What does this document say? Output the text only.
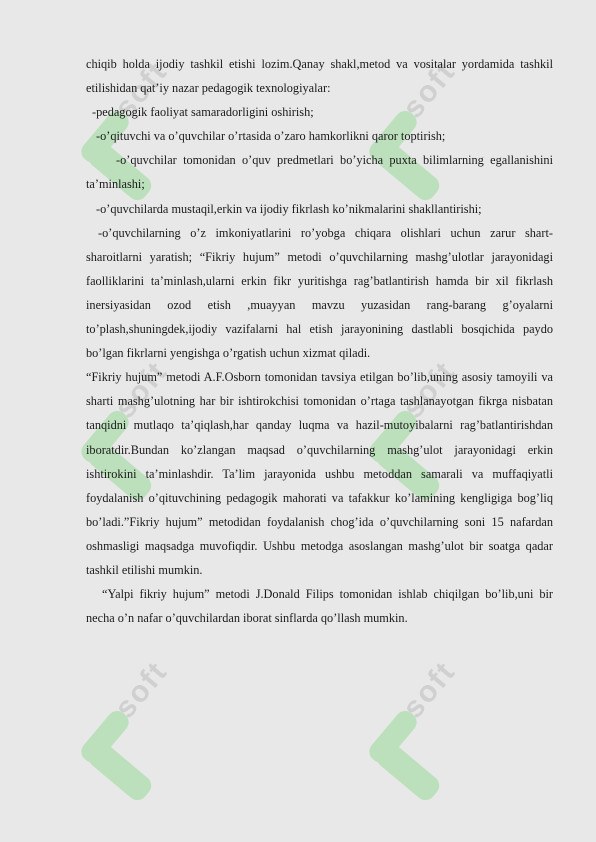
soft	soft
soft	soft
soft	soft

chiqib holda ijodiy tashkil etishi lozim.Qanay shakl,metod va vositalar yordamida tashkil etilishidan qat’iy nazar pedagogik texnologiyalar:

-pedagogik faoliyat samaradorligini oshirish;

-o’qituvchi va o’quvchilar o’rtasida o’zaro hamkorlikni qaror toptirish;

-o’quvchilar tomonidan o’quv predmetlari bo’yicha puxta bilimlarning egallanishini ta’minlashi;

-o’quvchilarda mustaqil,erkin va ijodiy fikrlash ko’nikmalarini shakllantirishi;

-o’quvchilarning o’z imkoniyatlarini ro’yobga chiqara olishlari uchun zarur shart-sharoitlarni yaratish; “Fikriy hujum” metodi o’quvchilarning mashg’ulotlar jarayonidagi faolliklarini ta’minlash,ularni erkin fikr yuritishga rag’batlantirish hamda bir xil fikrlash inersiyasidan ozod etish ,muayyan mavzu yuzasidan rang-barang g’oyalarni to’plash,shuningdek,ijodiy vazifalarni hal etish jarayonining dastlabli bosqichida paydo bo’lgan fikrlarni yengishga o’rgatish uchun xizmat qiladi.

“Fikriy hujum” metodi A.F.Osborn tomonidan tavsiya etilgan bo’lib,uning asosiy tamoyili va sharti mashg’ulotning har bir ishtirokchisi tomonidan o’rtaga tashlanayotgan fikrga nisbatan tanqidni mutlaqo ta’qiqlash,har qanday luqma va hazil-mutoyibalarni rag’batlantirishdan iboratdir.Bundan ko’zlangan maqsad o’quvchilarning mashg’ulot jarayonidagi erkin ishtirokini ta’minlashdir. Ta’lim jarayonida ushbu metoddan samarali va muffaqiyatli foydalanish o’qituvchining pedagogik mahorati va tafakkur ko’lamining kengligiga bog’liq bo’ladi.”Fikriy hujum” metodidan foydalanish chog’ida o’quvchilarning soni 15 nafardan oshmasligi maqsadga muvofiqdir. Ushbu metodga asoslangan mashg’ulot bir soatga qadar tashkil etilishi mumkin.

“Yalpi fikriy hujum” metodi J.Donald Filips tomonidan ishlab chiqilgan bo’lib,uni bir necha o’n nafar o’quvchilardan iborat sinflarda qo’llash mumkin.
